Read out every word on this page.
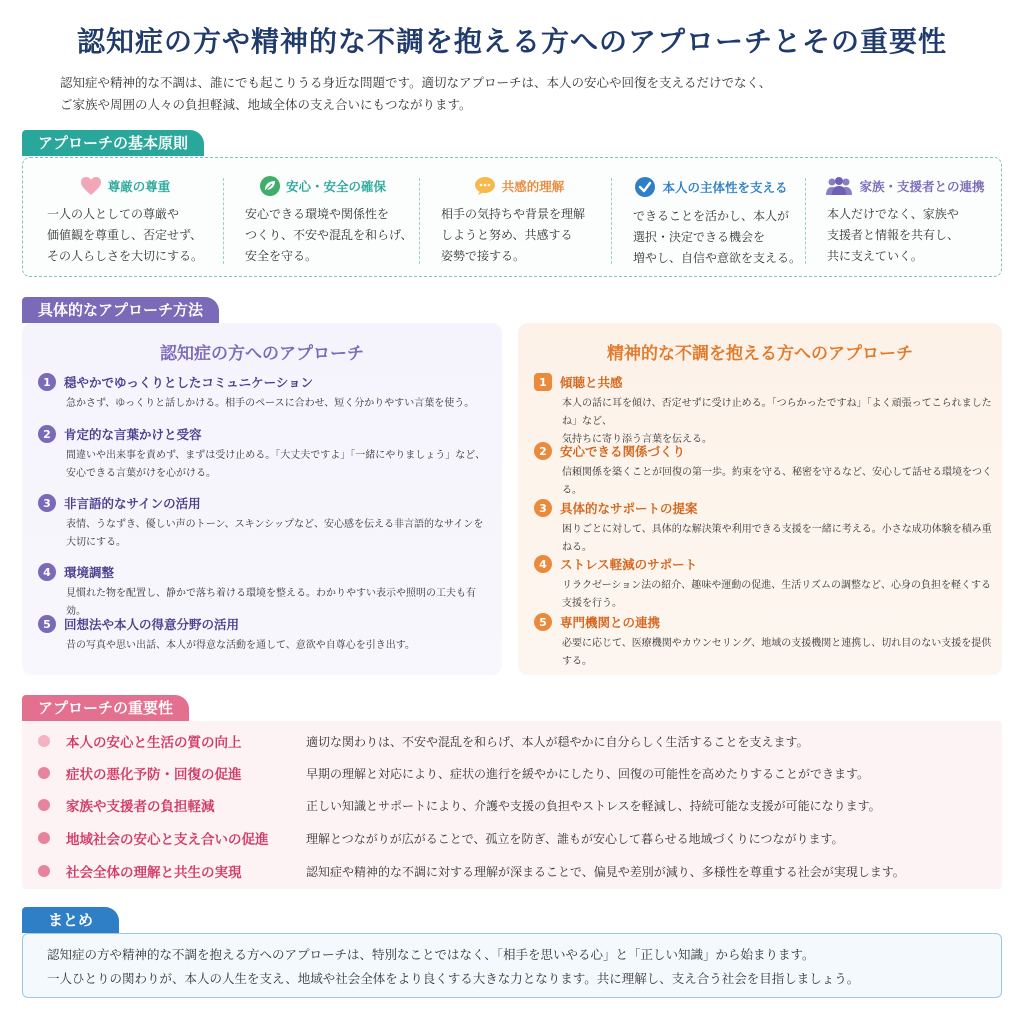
認知症の方や精神的な不調を抱える方へのアプローチとその重要性
認知症や精神的な不調は、誰にでも起こりうる身近な問題です。適切なアプローチは、本人の安心や回復を支えるだけでなく、
ご家族や周囲の人々の負担軽減、地域全体の支え合いにもつながります。
アプローチの基本原則
尊厳の尊重
一人の人としての尊厳や
価値観を尊重し、否定せず、
その人らしさを大切にする。
安心・安全の確保
安心できる環境や関係性を
つくり、不安や混乱を和らげ、
安全を守る。
共感的理解
相手の気持ちや背景を理解
しようと努め、共感する
姿勢で接する。
本人の主体性を支える
できることを活かし、本人が
選択・決定できる機会を
増やし、自信や意欲を支える。
家族・支援者との連携
本人だけでなく、家族や
支援者と情報を共有し、
共に支えていく。
具体的なアプローチ方法
認知症の方へのアプローチ
1	穏やかでゆっくりとしたコミュニケーション
急かさず、ゆっくりと話しかける。相手のペースに合わせ、短く分かりやすい言葉を使う。
2	肯定的な言葉かけと受容
間違いや出来事を責めず、まずは受け止める。「大丈夫ですよ」「一緒にやりましょう」など、
安心できる言葉がけを心がける。
3	非言語的なサインの活用
表情、うなずき、優しい声のトーン、スキンシップなど、安心感を伝える非言語的なサインを
大切にする。
4	環境調整
見慣れた物を配置し、静かで落ち着ける環境を整える。わかりやすい表示や照明の工夫も有効。
5	回想法や本人の得意分野の活用
昔の写真や思い出話、本人が得意な活動を通して、意欲や自尊心を引き出す。
精神的な不調を抱える方へのアプローチ
1	傾聴と共感
本人の話に耳を傾け、否定せずに受け止める。「つらかったですね」「よく頑張ってこられましたね」など、
気持ちに寄り添う言葉を伝える。
2	安心できる関係づくり
信頼関係を築くことが回復の第一歩。約束を守る、秘密を守るなど、安心して話せる環境をつくる。
3	具体的なサポートの提案
困りごとに対して、具体的な解決策や利用できる支援を一緒に考える。小さな成功体験を積み重ねる。
4	ストレス軽減のサポート
リラクゼーション法の紹介、趣味や運動の促進、生活リズムの調整など、心身の負担を軽くする支援を行う。
5	専門機関との連携
必要に応じて、医療機関やカウンセリング、地域の支援機関と連携し、切れ目のない支援を提供する。
アプローチの重要性
本人の安心と生活の質の向上	適切な関わりは、不安や混乱を和らげ、本人が穏やかに自分らしく生活することを支えます。
症状の悪化予防・回復の促進	早期の理解と対応により、症状の進行を緩やかにしたり、回復の可能性を高めたりすることができます。
家族や支援者の負担軽減	正しい知識とサポートにより、介護や支援の負担やストレスを軽減し、持続可能な支援が可能になります。
地域社会の安心と支え合いの促進	理解とつながりが広がることで、孤立を防ぎ、誰もが安心して暮らせる地域づくりにつながります。
社会全体の理解と共生の実現	認知症や精神的な不調に対する理解が深まることで、偏見や差別が減り、多様性を尊重する社会が実現します。
まとめ
認知症の方や精神的な不調を抱える方へのアプローチは、特別なことではなく、「相手を思いやる心」と「正しい知識」から始まります。
一人ひとりの関わりが、本人の人生を支え、地域や社会全体をより良くする大きな力となります。共に理解し、支え合う社会を目指しましょう。
